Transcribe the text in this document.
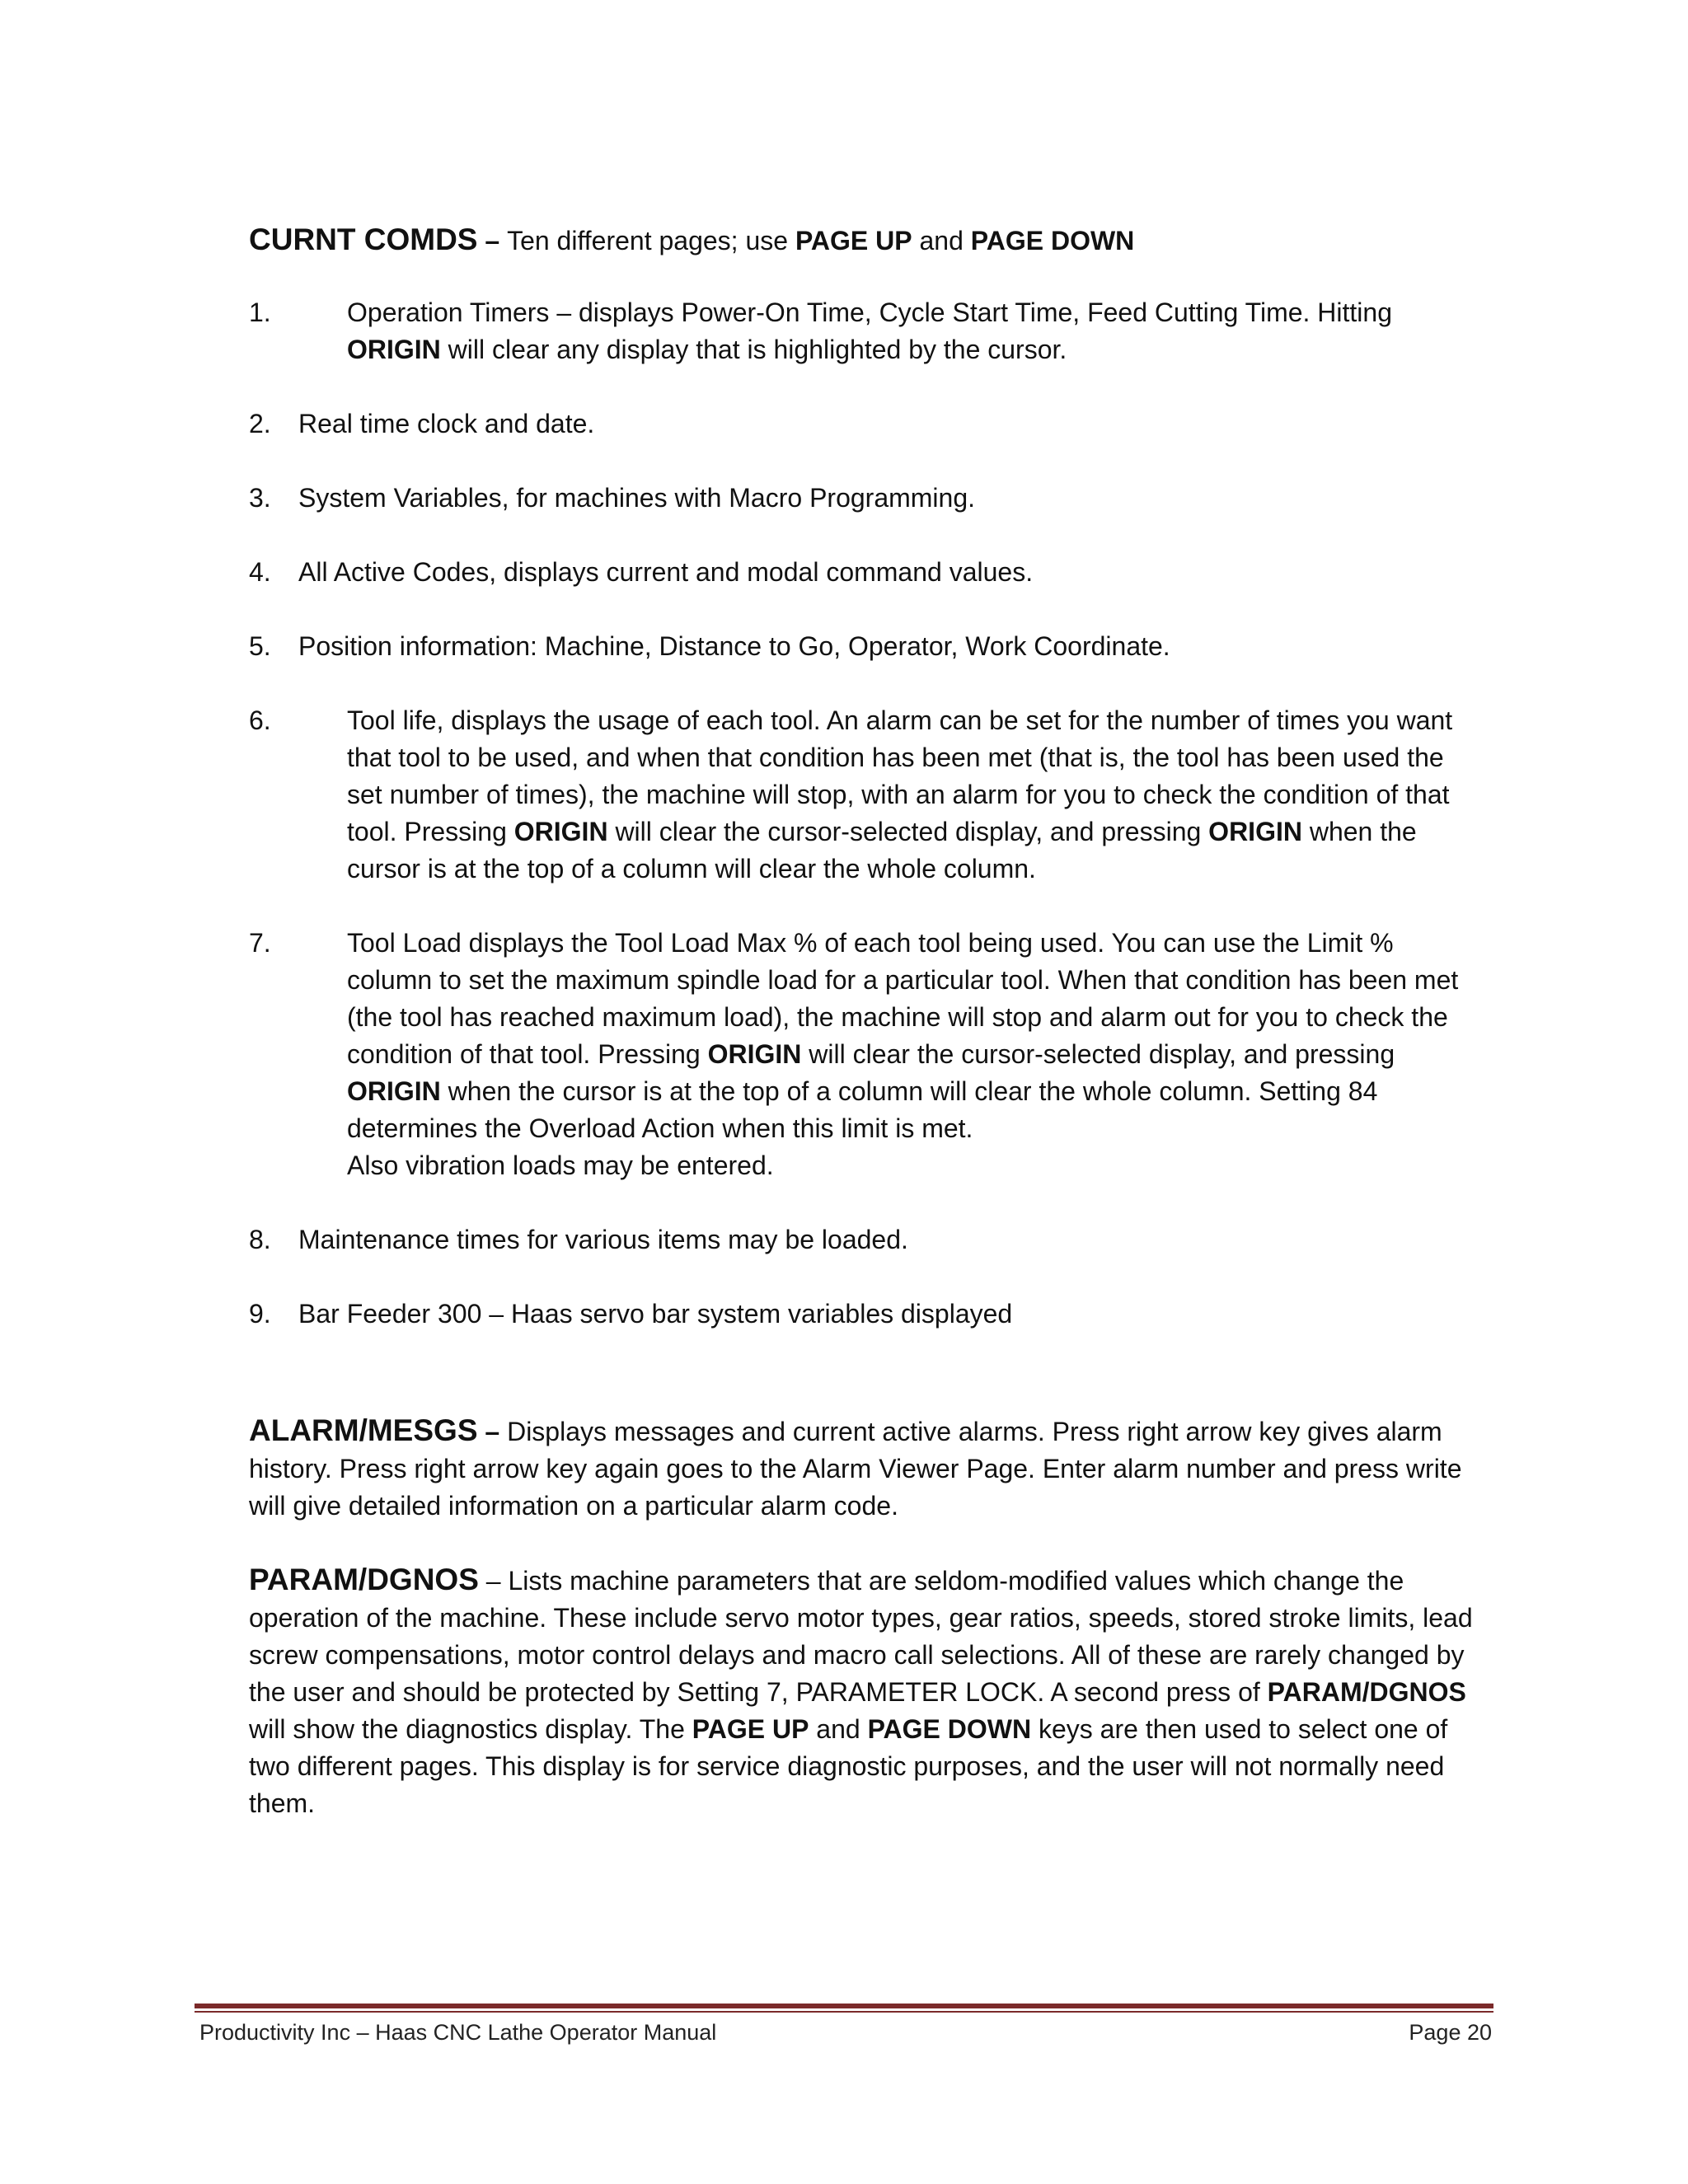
CURNT COMDS – Ten different pages; use PAGE UP and PAGE DOWN
1.	Operation Timers – displays Power-On Time, Cycle Start Time, Feed Cutting Time. Hitting ORIGIN will clear any display that is highlighted by the cursor.
2. Real time clock and date.
3. System Variables, for machines with Macro Programming.
4. All Active Codes, displays current and modal command values.
5. Position information: Machine, Distance to Go, Operator, Work Coordinate.
6.	Tool life, displays the usage of each tool. An alarm can be set for the number of times you want that tool to be used, and when that condition has been met (that is, the tool has been used the set number of times), the machine will stop, with an alarm for you to check the condition of that tool. Pressing ORIGIN will clear the cursor-selected display, and pressing ORIGIN when the cursor is at the top of a column will clear the whole column.
7.	Tool Load displays the Tool Load Max % of each tool being used. You can use the Limit % column to set the maximum spindle load for a particular tool. When that condition has been met (the tool has reached maximum load), the machine will stop and alarm out for you to check the condition of that tool. Pressing ORIGIN will clear the cursor-selected display, and pressing ORIGIN when the cursor is at the top of a column will clear the whole column. Setting 84 determines the Overload Action when this limit is met.
Also vibration loads may be entered.
8. Maintenance times for various items may be loaded.
9. Bar Feeder 300 – Haas servo bar system variables displayed
ALARM/MESGS – Displays messages and current active alarms. Press right arrow key gives alarm history. Press right arrow key again goes to the Alarm Viewer Page. Enter alarm number and press write will give detailed information on a particular alarm code.
PARAM/DGNOS – Lists machine parameters that are seldom-modified values which change the operation of the machine. These include servo motor types, gear ratios, speeds, stored stroke limits, lead screw compensations, motor control delays and macro call selections. All of these are rarely changed by the user and should be protected by Setting 7, PARAMETER LOCK. A second press of PARAM/DGNOS will show the diagnostics display. The PAGE UP and PAGE DOWN keys are then used to select one of two different pages. This display is for service diagnostic purposes, and the user will not normally need them.
Productivity Inc – Haas CNC Lathe Operator Manual	Page 20
